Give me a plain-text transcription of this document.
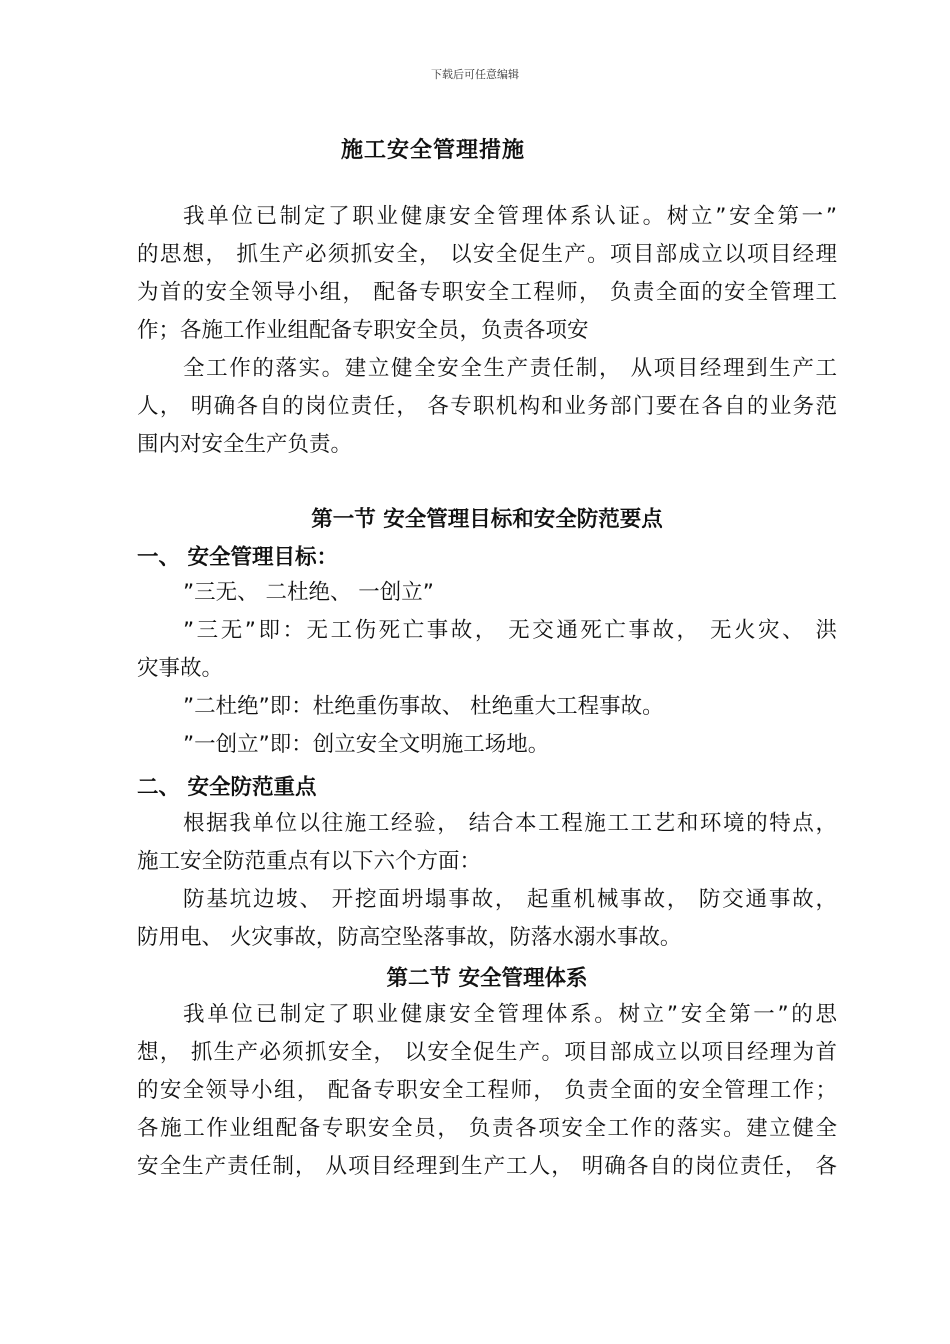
下载后可任意编辑
施工安全管理措施
我单位已制定了职业健康安全管理体系认证。树立”安全第一”
的思想， 抓生产必须抓安全， 以安全促生产。项目部成立以项目经理
为首的安全领导小组， 配备专职安全工程师， 负责全面的安全管理工
作；各施工作业组配备专职安全员，负责各项安
全工作的落实。建立健全安全生产责任制， 从项目经理到生产工
人， 明确各自的岗位责任， 各专职机构和业务部门要在各自的业务范
围内对安全生产负责。
第一节 安全管理目标和安全防范要点
一、 安全管理目标：
”三无、 二杜绝、 一创立”
”三无”即：无工伤死亡事故， 无交通死亡事故， 无火灾、 洪
灾事故。
”二杜绝”即：杜绝重伤事故、 杜绝重大工程事故。
”一创立”即：创立安全文明施工场地。
二、 安全防范重点
根据我单位以往施工经验， 结合本工程施工工艺和环境的特点，
施工安全防范重点有以下六个方面：
防基坑边坡、 开挖面坍塌事故， 起重机械事故， 防交通事故，
防用电、 火灾事故，防高空坠落事故，防落水溺水事故。
第二节 安全管理体系
我单位已制定了职业健康安全管理体系。树立”安全第一”的思
想， 抓生产必须抓安全， 以安全促生产。项目部成立以项目经理为首
的安全领导小组， 配备专职安全工程师， 负责全面的安全管理工作；
各施工作业组配备专职安全员， 负责各项安全工作的落实。建立健全
安全生产责任制， 从项目经理到生产工人， 明确各自的岗位责任， 各
